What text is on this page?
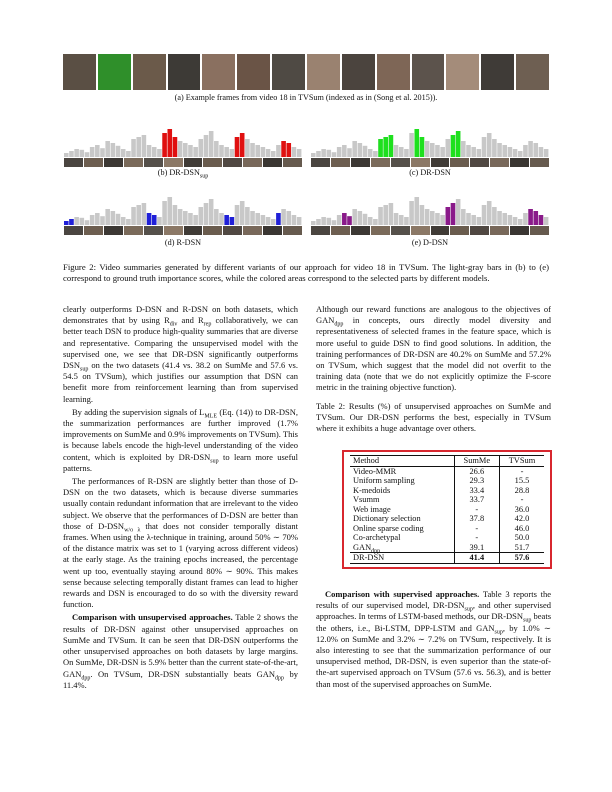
(a) Example frames from video 18 in TVSum (indexed as in (Song et al. 2015)).
(b) $DR-DSN_{sup}$	(c) DR-DSN
(d) R-DSN	(e) D-DSN
Figure 2: Video summaries generated by different variants of our approach for video 18 in TVSum. The light-gray bars in (b) to (e) correspond to ground truth importance scores, while the colored areas correspond to the selected parts by different models.

clearly outperforms D-DSN and R-DSN on both datasets, which demonstrates that by using $R_{div}$ and $R_{rep}$ collaboratively, we can better teach DSN to produce high-quality summaries that are diverse and representative. Comparing the unsupervised model with the supervised one, we see that DR-DSN significantly outperforms $DSN_{sup}$ on the two datasets (41.4 vs. 38.2 on SumMe and 57.6 vs. 54.5 on TVSum), which justifies our assumption that DSN can benefit more from reinforcement learning than from supervised learning.

By adding the supervision signals of $L_{MLE}$ (Eq. (14)) to DR-DSN, the summarization performances are further improved (1.7% improvements on SumMe and 0.9% improvements on TVSum). This is because labels encode the high-level understanding of the video content, which is exploited by $DR-DSN_{sup}$ to learn more useful patterns.

The performances of R-DSN are slightly better than those of D-DSN on the two datasets, which is because diverse summaries usually contain redundant information that are irrelevant to the video subject. We observe that the performances of D-DSN are better than those of $D-DSN_{w/o \lambda}$ that does not consider temporally distant frames. When using the λ-technique in training, around 50% ∼ 70% of the distance matrix was set to 1 (varying across different videos) at the early stage. As the training epochs increased, the percentage went up too, eventually staying around 80% ∼ 90%. This makes sense because selecting temporally distant frames can lead to higher rewards and DSN is encouraged to do so with the diversity reward function.

Comparison with unsupervised approaches. Table 2 shows the results of DR-DSN against other unsupervised approaches on SumMe and TVSum. It can be seen that DR-DSN outperforms the other unsupervised approaches on both datasets by large margins. On SumMe, DR-DSN is 5.9% better than the current state-of-the-art, $GAN_{dpp}$. On TVSum, DR-DSN substantially beats $GAN_{dpp}$ by 11.4%.

Although our reward functions are analogous to the objectives of $GAN_{dpp}$ in concepts, ours directly model diversity and representativeness of selected frames in the feature space, which is more useful to guide DSN to find good solutions. In addition, the training performances of DR-DSN are 40.2% on SumMe and 57.2% on TVSum, which suggest that the model did not overfit to the training data (note that we do not explicitly optimize the F-score metric in the training objective function).

Table 2: Results (%) of unsupervised approaches on SumMe and TVSum. Our DR-DSN performs the best, especially in TVSum where it exhibits a huge advantage over others.

Method	SumMe	TVSum
Video-MMR	26.6	-
Uniform sampling	29.3	15.5
K-medoids	33.4	28.8
Vsumm	33.7	-
Web image	-	36.0
Dictionary selection	37.8	42.0
Online sparse coding	-	46.0
Co-archetypal	-	50.0
$GAN_{dpp}$	39.1	51.7
DR-DSN	41.4	57.6

Comparison with supervised approaches. Table 3 reports the results of our supervised model, $DR-DSN_{sup}$, and other supervised approaches. In terms of LSTM-based methods, our $DR-DSN_{sup}$ beats the others, i.e., Bi-LSTM, DPP-LSTM and $GAN_{sup}$, by 1.0% ∼ 12.0% on SumMe and 3.2% ∼ 7.2% on TVSum, respectively. It is also interesting to see that the summarization performance of our unsupervised method, DR-DSN, is even superior than the state-of-the-art supervised approach on TVSum (57.6 vs. 56.3), and is better than most of the supervised approaches on SumMe.
